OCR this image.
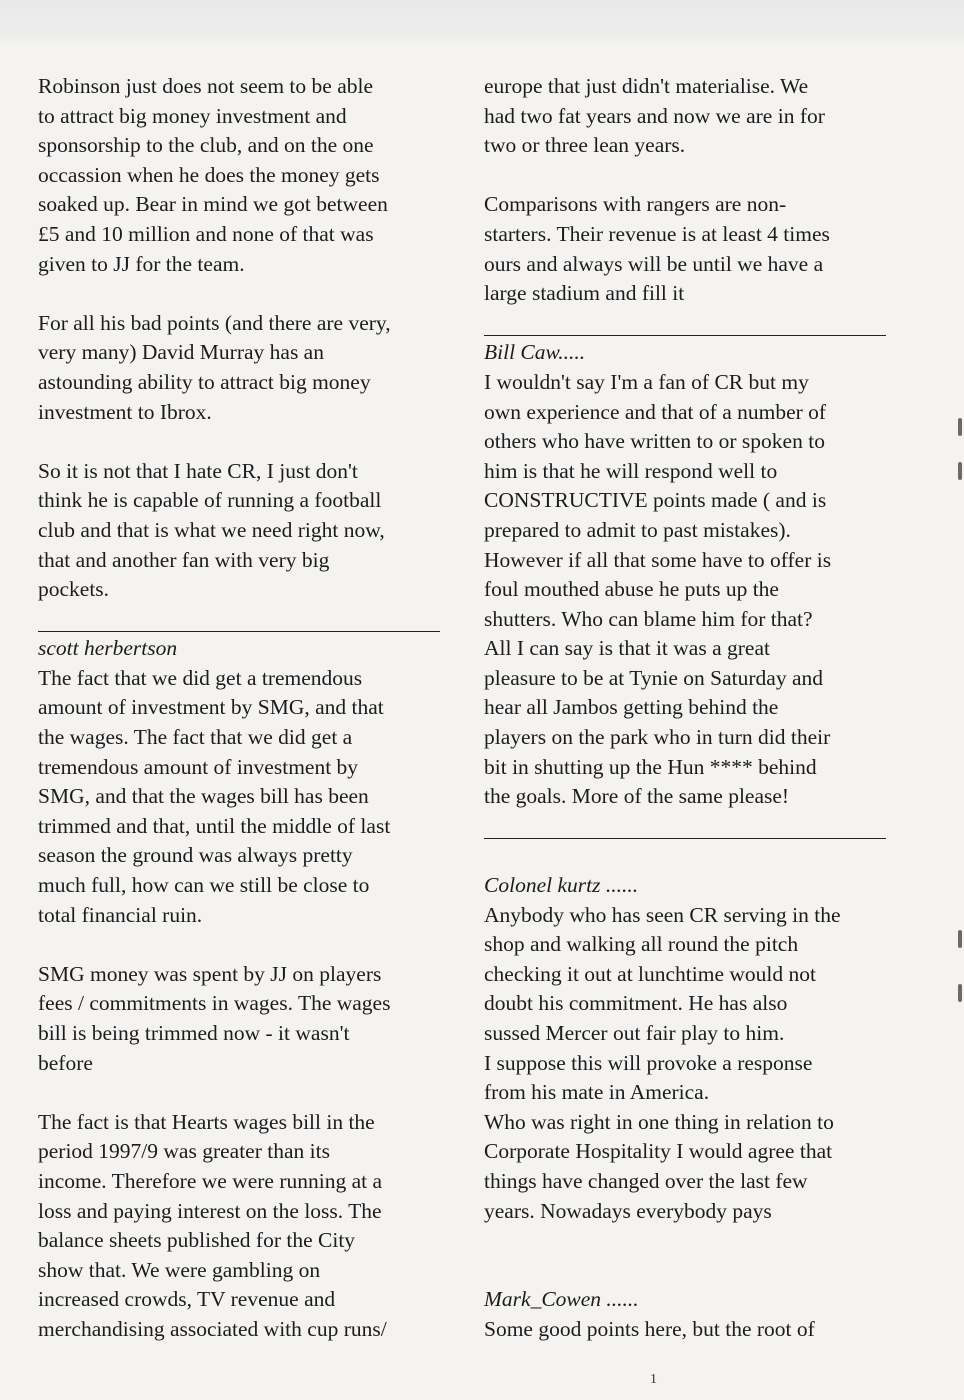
Robinson just does not seem to be able
to attract big money investment and
sponsorship to the club, and on the one
occassion when he does the money gets
soaked up. Bear in mind we got between
£5 and 10 million and none of that was
given to JJ for the team.

For all his bad points (and there are very,
very many) David Murray has an
astounding ability to attract big money
investment to Ibrox.

So it is not that I hate CR, I just don't
think he is capable of running a football
club and that is what we need right now,
that and another fan with very big
pockets.

scott herbertson

The fact that we did get a tremendous
amount of investment by SMG, and that
the wages. The fact that we did get a
tremendous amount of investment by
SMG, and that the wages bill has been
trimmed and that, until the middle of last
season the ground was always pretty
much full, how can we still be close to
total financial ruin.

SMG money was spent by JJ on players
fees / commitments in wages. The wages
bill is being trimmed now - it wasn't
before

The fact is that Hearts wages bill in the
period 1997/9 was greater than its
income. Therefore we were running at a
loss and paying interest on the loss. The
balance sheets published for the City
show that. We were gambling on
increased crowds, TV revenue and
merchandising associated with cup runs/

europe that just didn't materialise. We
had two fat years and now we are in for
two or three lean years.

Comparisons with rangers are non-
starters. Their revenue is at least 4 times
ours and always will be until we have a
large stadium and fill it

Bill Caw.....

I wouldn't say I'm a fan of CR but my
own experience and that of a number of
others who have written to or spoken to
him is that he will respond well to
CONSTRUCTIVE points made ( and is
prepared to admit to past mistakes).
However if all that some have to offer is
foul mouthed abuse he puts up the
shutters. Who can blame him for that?
All I can say is that it was a great
pleasure to be at Tynie on Saturday and
hear all Jambos getting behind the
players on the park who in turn did their
bit in shutting up the Hun **** behind
the goals. More of the same please!

Colonel kurtz ......

Anybody who has seen CR serving in the
shop and walking all round the pitch
checking it out at lunchtime would not
doubt his commitment. He has also
sussed Mercer out fair play to him.
I suppose this will provoke a response
from his mate in America.
Who was right in one thing in relation to
Corporate Hospitality I would agree that
things have changed over the last few
years. Nowadays everybody pays

Mark_Cowen ......

Some good points here, but the root of

1
